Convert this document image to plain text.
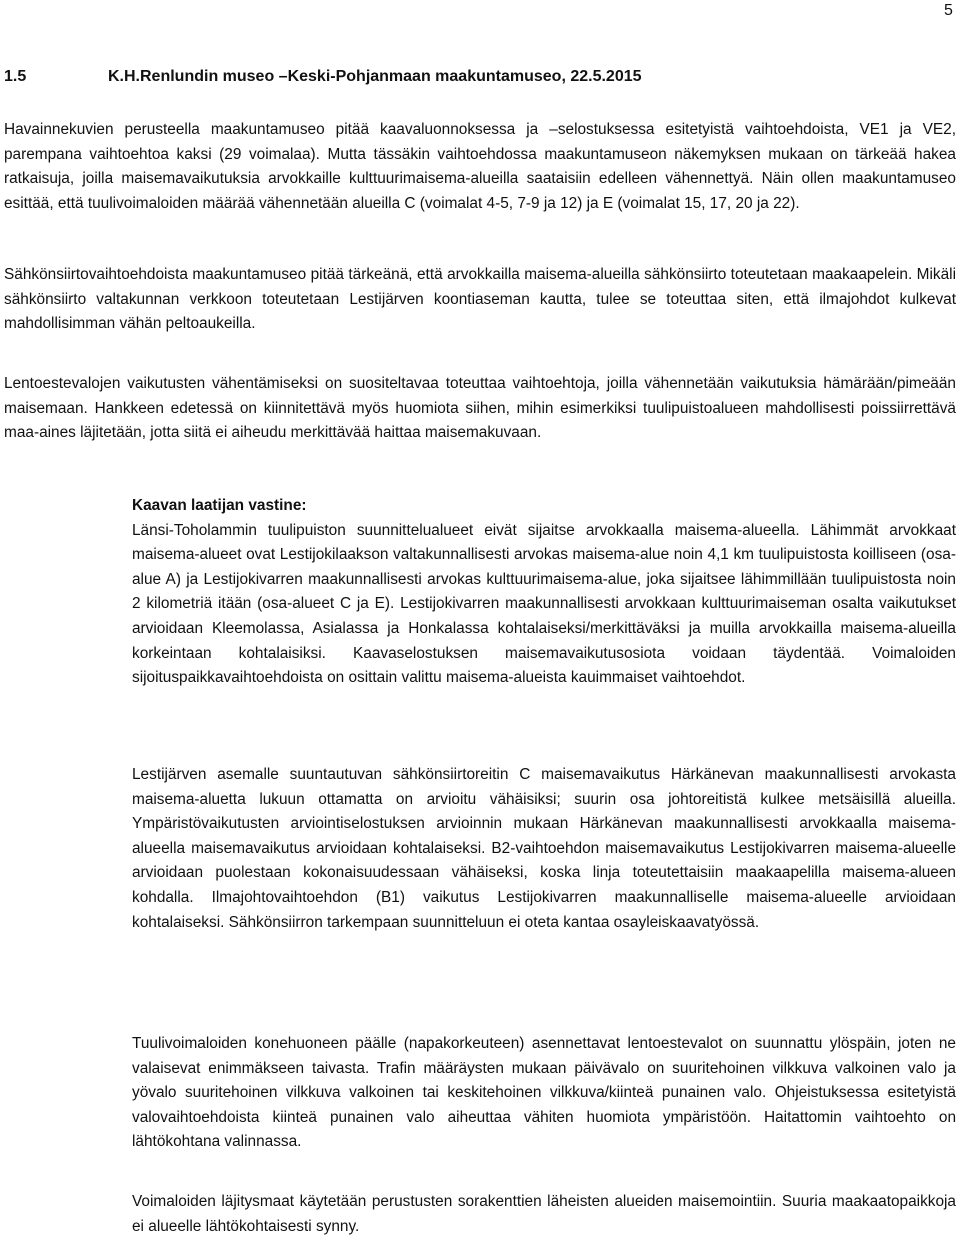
5
1.5	K.H.Renlundin museo –Keski-Pohjanmaan maakuntamuseo, 22.5.2015

Havainnekuvien perusteella maakuntamuseo pitää kaavaluonnoksessa ja –selostuksessa esitetyistä vaihtoehdoista, VE1 ja VE2, parempana vaihtoehtoa kaksi (29 voimalaa). Mutta tässäkin vaihtoehdossa maakuntamuseon näkemyksen mukaan on tärkeää hakea ratkaisuja, joilla maisemavaikutuksia arvokkaille kulttuurimaisema-alueilla saataisiin edelleen vähennettyä. Näin ollen maakuntamuseo esittää, että tuulivoimaloiden määrää vähennetään alueilla C (voimalat 4-5, 7-9 ja 12) ja E (voimalat 15, 17, 20 ja 22).

Sähkönsiirtovaihtoehdoista maakuntamuseo pitää tärkeänä, että arvokkailla maisema-alueilla sähkönsiirto toteutetaan maakaapelein. Mikäli sähkönsiirto valtakunnan verkkoon toteutetaan Lestijärven koontiaseman kautta, tulee se toteuttaa siten, että ilmajohdot kulkevat mahdollisimman vähän peltoaukeilla.

Lentoestevalojen vaikutusten vähentämiseksi on suositeltavaa toteuttaa vaihtoehtoja, joilla vähennetään vaikutuksia hämärään/pimeään maisemaan. Hankkeen edetessä on kiinnitettävä myös huomiota siihen, mihin esimerkiksi tuulipuistoalueen mahdollisesti poissiirrettävä maa-aines läjitetään, jotta siitä ei aiheudu merkittävää haittaa maisemakuvaan.

Kaavan laatijan vastine:
Länsi-Toholammin tuulipuiston suunnittelualueet eivät sijaitse arvokkaalla maisema-alueella. Lähimmät arvokkaat maisema-alueet ovat Lestijokilaakson valtakunnallisesti arvokas maisema-alue noin 4,1 km tuulipuistosta koilliseen (osa-alue A) ja Lestijokivarren maakunnallisesti arvokas kulttuurimaisema-alue, joka sijaitsee lähimmillään tuulipuistosta noin 2 kilometriä itään (osa-alueet C ja E). Lestijokivarren maakunnallisesti arvokkaan kulttuurimaiseman osalta vaikutukset arvioidaan Kleemolassa, Asialassa ja Honkalassa kohtalaiseksi/merkittäväksi ja muilla arvokkailla maisema-alueilla korkeintaan kohtalaisiksi. Kaavaselostuksen maisemavaikutusosiota voidaan täydentää. Voimaloiden sijoituspaikkavaihtoehdoista on osittain valittu maisema-alueista kauimmaiset vaihtoehdot.

Lestijärven asemalle suuntautuvan sähkönsiirtoreitin C maisemavaikutus Härkänevan maakunnallisesti arvokasta maisema-aluetta lukuun ottamatta on arvioitu vähäisiksi; suurin osa johtoreitistä kulkee metsäisillä alueilla. Ympäristövaikutusten arviointiselostuksen arvioinnin mukaan Härkänevan maakunnallisesti arvokkaalla maisema-alueella maisemavaikutus arvioidaan kohtalaiseksi. B2-vaihtoehdon maisemavaikutus Lestijokivarren maisema-alueelle arvioidaan puolestaan kokonaisuudessaan vähäiseksi, koska linja toteutettaisiin maakaapelilla maisema-alueen kohdalla. Ilmajohtovaihtoehdon (B1) vaikutus Lestijokivarren maakunnalliselle maisema-alueelle arvioidaan kohtalaiseksi. Sähkönsiirron tarkempaan suunnitteluun ei oteta kantaa osayleiskaavatyössä.

Tuulivoimaloiden konehuoneen päälle (napakorkeuteen) asennettavat lentoestevalot on suunnattu ylöspäin, joten ne valaisevat enimmäkseen taivasta. Trafin määräysten mukaan päivävalo on suuritehoinen vilkkuva valkoinen valo ja yövalo suuritehoinen vilkkuva valkoinen tai keskitehoinen vilkkuva/kiinteä punainen valo. Ohjeistuksessa esitetyistä valovaihtoehdoista kiinteä punainen valo aiheuttaa vähiten huomiota ympäristöön. Haitattomin vaihtoehto on lähtökohtana valinnassa.

Voimaloiden läjitysmaat käytetään perustusten sorakenttien läheisten alueiden maisemointiin. Suuria maakaatopaikkoja ei alueelle lähtökohtaisesti synny.
